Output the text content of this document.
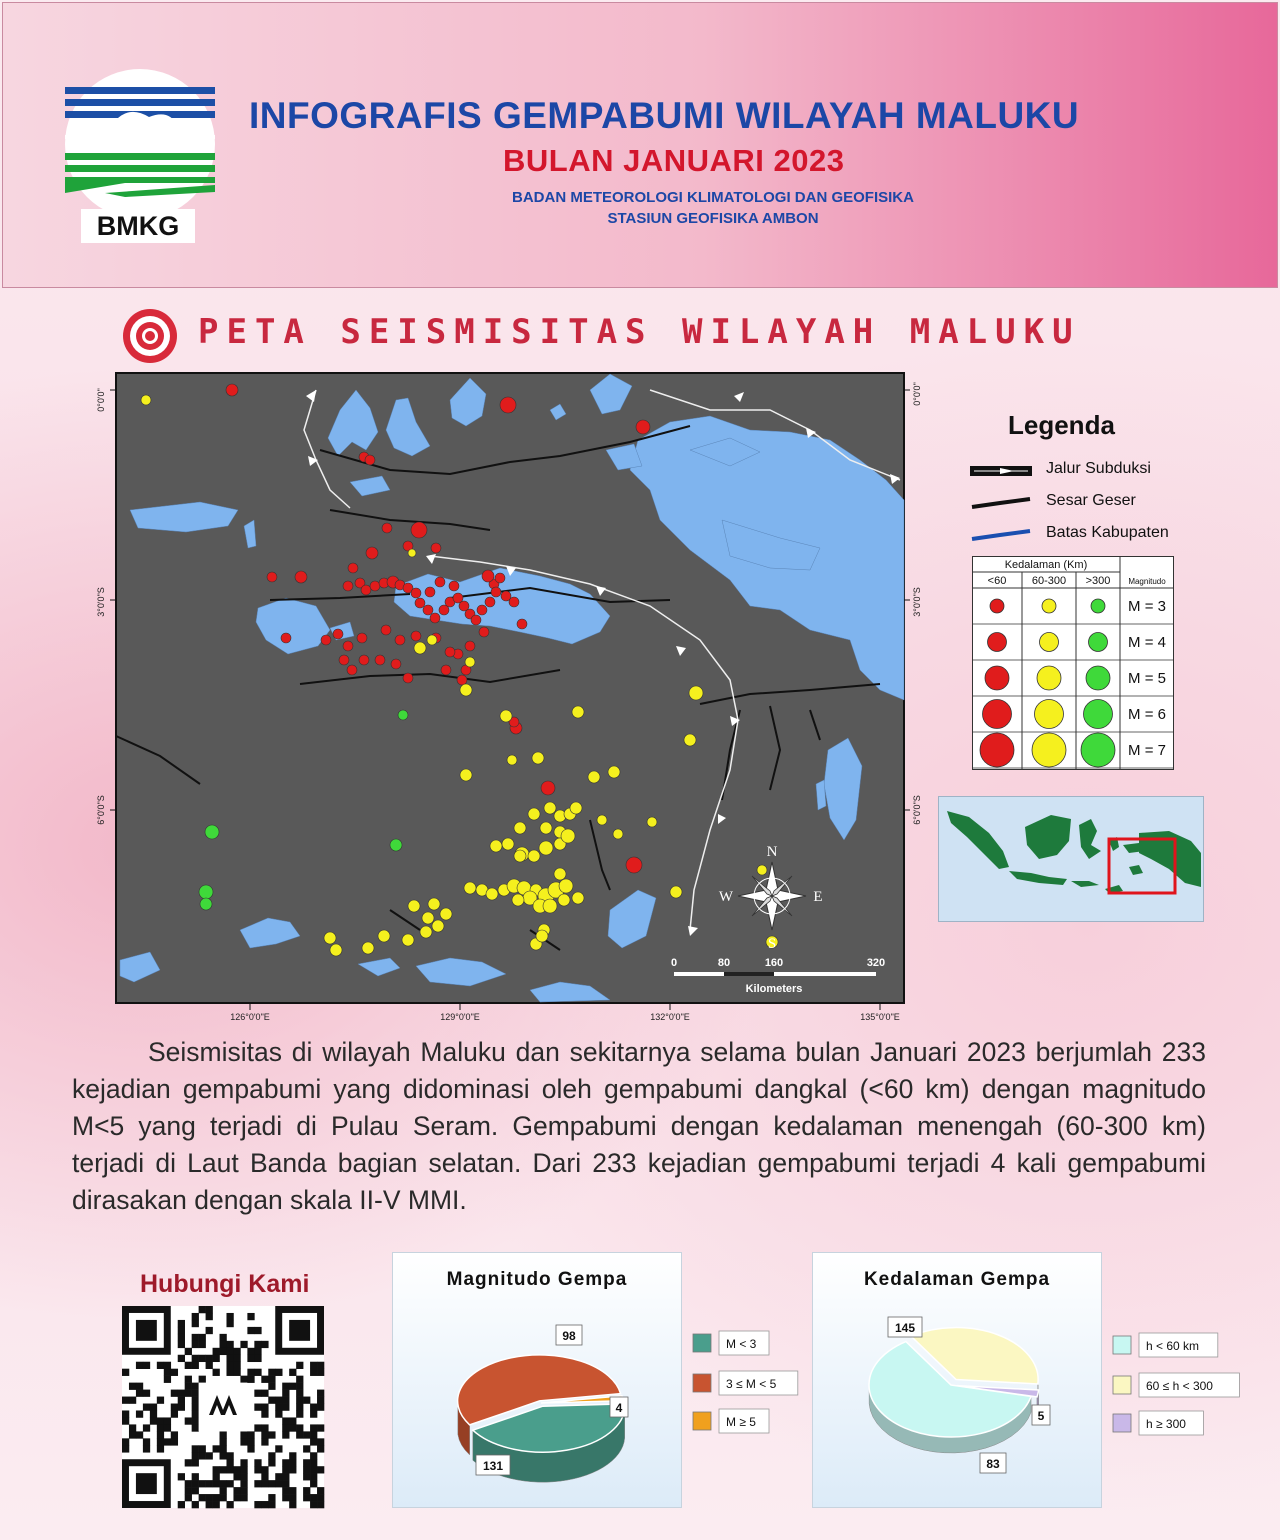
BMKG
INFOGRAFIS GEMPABUMI WILAYAH MALUKU
BULAN JANUARI 2023
BADAN METEOROLOGI KLIMATOLOGI DAN GEOFISIKA
STASIUN GEOFISIKA AMBON
PETA SEISMISITAS WILAYAH MALUKU
0°0'0"
3°0'0"S
6°0'0"S
0°0'0"
3°0'0"S
6°0'0"S
126°0'0"E	129°0'0"E	132°0'0"E	135°0'0"E
N
S
E
W
0	80	160	320
Kilometers
Legenda
Jalur Subduksi
Sesar Geser
Batas Kabupaten
Kedalaman (Km)
<60 60-300 >300 Magnitudo
M = 3
M = 4
M = 5
M = 6
M = 7
Seismisitas di wilayah Maluku dan sekitarnya selama bulan Januari 2023 berjumlah 233 kejadian gempabumi yang didominasi oleh gempabumi dangkal (<60 km) dengan magnitudo M<5 yang terjadi di Pulau Seram. Gempabumi dengan kedalaman menengah (60-300 km) terjadi di Laut Banda bagian selatan. Dari 233 kejadian gempabumi terjadi 4 kali gempabumi dirasakan dengan skala II-V MMI.
Hubungi Kami	Magnitudo Gempa
98
131
4
M < 3
3 ≤ M < 5
M ≥ 5
Kedalaman Gempa
145
83
5
h < 60 km
60 ≤ h < 300
h ≥ 300
